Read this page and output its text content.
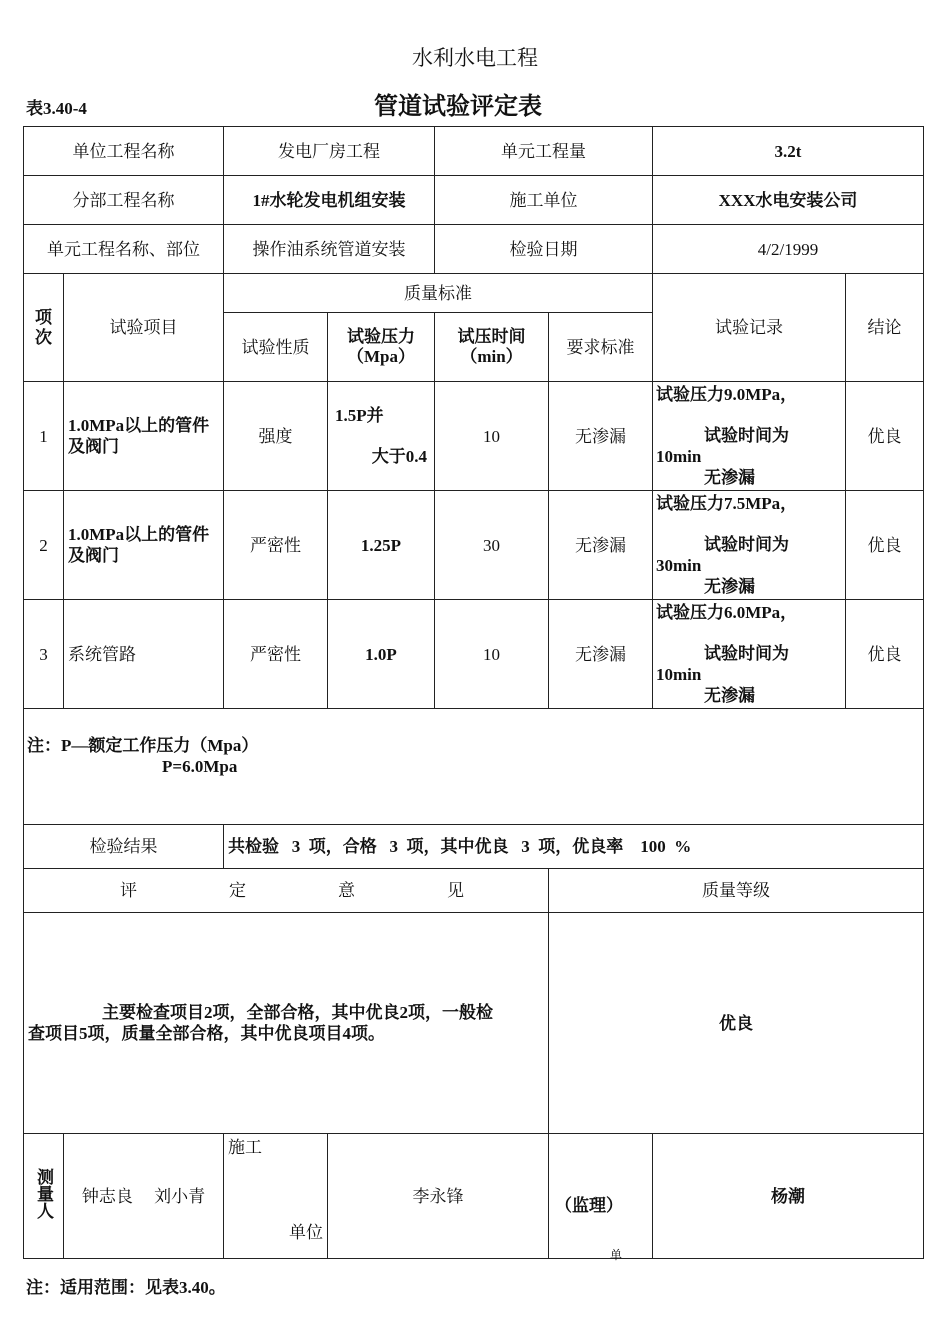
水利水电工程
表3.40-4	管道试验评定表
单位工程名称		发电厂房工程		单元工程量		3.2t	
分部工程名称		1#水轮发电机组安装		施工单位		XXX水电安装公司	
单元工程名称、部位		操作油系统管道安装		检验日期		4/2/1999	
项次	试验项目	质量标准				试验记录	结论
		试验性质	试验压力（Mpa）	试压时间（min）	要求标准		
1	1.0MPa以上的管件及阀门	强度	1.5P并
大于0.4	10	无渗漏	试验压力9.0MPa，
试验时间为
10min
无渗漏	优良
2	1.0MPa以上的管件及阀门	严密性	1.25P	30	无渗漏	试验压力7.5MPa，
试验时间为
30min
无渗漏	优良
3	系统管路	严密性	1.0P	10	无渗漏	试验压力6.0MPa，
试验时间为
10min
无渗漏	优良
注：P—额定工作压力（Mpa）
P=6.0Mpa							

检验结果		共检验   3  项，合格   3  项，其中优良   3  项，优良率    100  %					

评 定 意 见					质量等级		
主要检查项目2项，全部合格，其中优良2项，一般检
查项目5项，质量全部合格，其中优良项目4项。					优良		
测量人	钟志良     刘小青	施工
单位	李永锋		（监理）	杨潮	
单
注：适用范围：见表3.40。
